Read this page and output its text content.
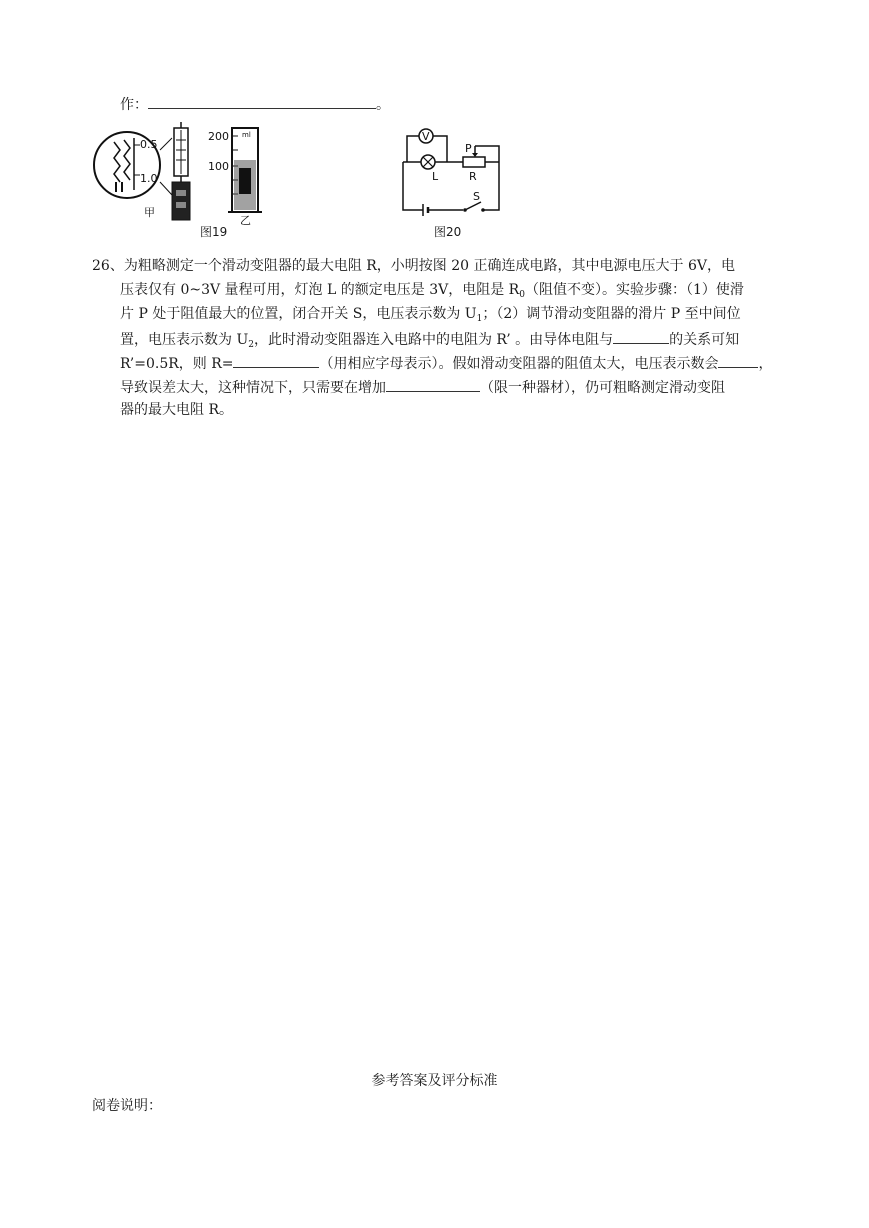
作：	。
0.5
1.0
200
100
ml
甲
乙
图19
V
L
P
R
S
图20
26、为粗略测定一个滑动变阻器的最大电阻 R，小明按图 20 正确连成电路，其中电源电压大于 6V，电
压表仅有 0~3V 量程可用，灯泡 L 的额定电压是 3V，电阻是 $R_0$（阻值不变）。实验步骤：（1）使滑
片 P 处于阻值最大的位置，闭合开关 S，电压表示数为 $U_1$；（2）调节滑动变阻器的滑片 P 至中间位
置，电压表示数为 $U_2$，此时滑动变阻器连入电路中的电阻为 R’ 。由导体电阻与	的关系可知
R’=0.5R，则 R=	（用相应字母表示）。假如滑动变阻器的阻值太大，电压表示数会	，
导致误差太大，这种情况下，只需要在增加	（限一种器材），仍可粗略测定滑动变阻
器的最大电阻 R。
参考答案及评分标准
阅卷说明：
